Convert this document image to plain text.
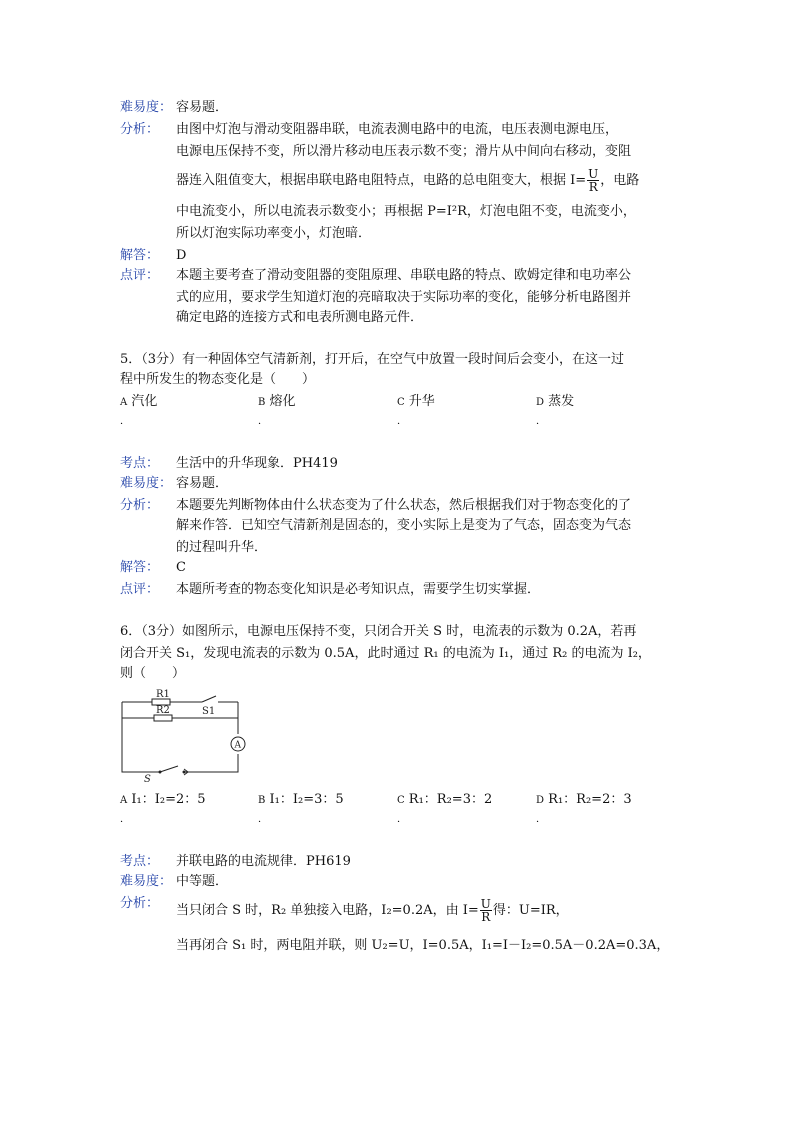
难易度： 容易题．
分析： 由图中灯泡与滑动变阻器串联，电流表测电路中的电流，电压表测电源电压，
电源电压保持不变，所以滑片移动电压表示数不变；滑片从中间向右移动，变阻
器连入阻值变大，根据串联电路电阻特点，电路的总电阻变大，根据 $I= \frac{U}{R}$ ，电路
中电流变小，所以电流表示数变小；再根据 P=I²R，灯泡电阻不变，电流变小，
所以灯泡实际功率变小，灯泡暗．
解答： D
点评： 本题主要考查了滑动变阻器的变阻原理、串联电路的特点、欧姆定律和电功率公
式的应用，要求学生知道灯泡的亮暗取决于实际功率的变化，能够分析电路图并
确定电路的连接方式和电表所测电路元件．
5．（3分）有一种固体空气清新剂，打开后，在空气中放置一段时间后会变小，在这一过
程中所发生的物态变化是（　　）
A 汽化	B 熔化	C 升华	D 蒸发
．	．	．	．
考点： 生活中的升华现象．PH419
难易度： 容易题．
分析： 本题要先判断物体由什么状态变为了什么状态，然后根据我们对于物态变化的了
解来作答．已知空气清新剂是固态的，变小实际上是变为了气态，固态变为气态
的过程叫升华．
解答： C
点评： 本题所考查的物态变化知识是必考知识点，需要学生切实掌握．
6．（3分）如图所示，电源电压保持不变，只闭合开关 S 时，电流表的示数为 0.2A，若再
闭合开关 S₁，发现电流表的示数为 0.5A，此时通过 R₁ 的电流为 I₁，通过 R₂ 的电流为 I₂，
则（　　）
R1
R2	S1
S
A
A I₁：I₂=2：5	B I₁：I₂=3：5	C R₁：R₂=3：2	D R₁：R₂=2：3
．	．	．	．
考点： 并联电路的电流规律．PH619
难易度： 中等题．
分析： 当只闭合 S 时，R₂ 单独接入电路，I₂=0.2A，由 $I= \frac{U}{R}$ 得：U=IR，
当再闭合 S₁ 时，两电阻并联，则 U₂=U，I=0.5A，I₁=I－I₂=0.5A－0.2A=0.3A，
